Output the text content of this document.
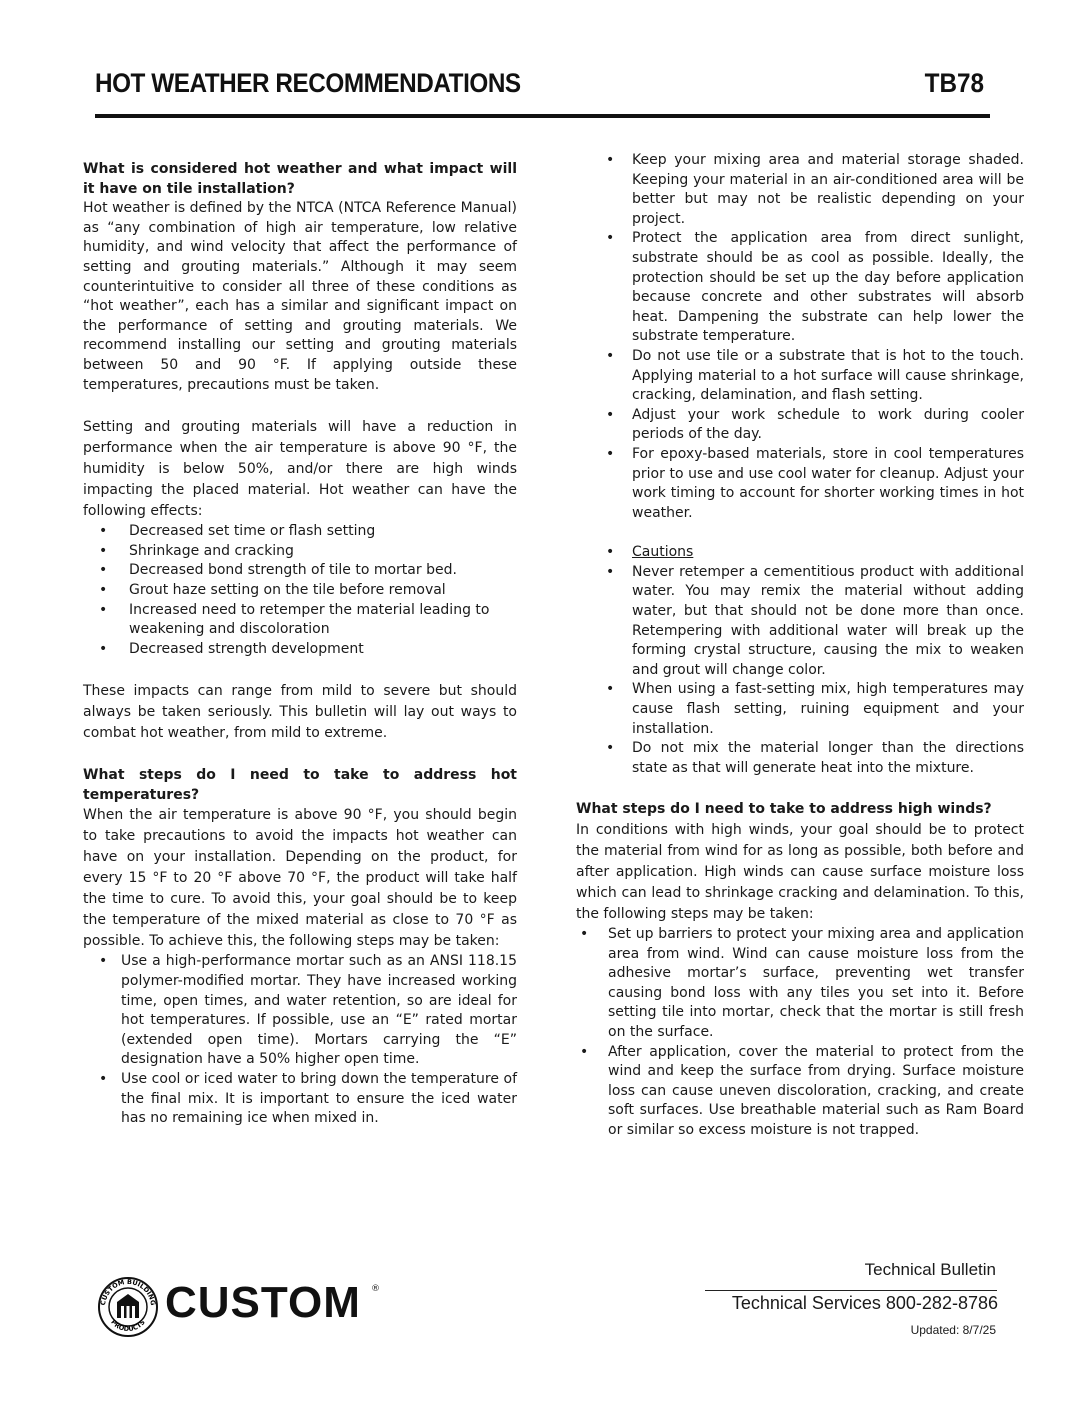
HOT WEATHER RECOMMENDATIONS	TB78

What is considered hot weather and what impact will it have on tile installation?

Hot weather is defined by the NTCA (NTCA Reference Manual) as “any combination of high air temperature, low relative humidity, and wind velocity that affect the performance of setting and grouting materials.” Although it may seem counterintuitive to consider all three of these conditions as “hot weather”, each has a similar and significant impact on the performance of setting and grouting materials. We recommend installing our setting and grouting materials between 50 and 90 °F. If applying outside these temperatures, precautions must be taken.

Setting and grouting materials will have a reduction in performance when the air temperature is above 90 °F, the humidity is below 50%, and/or there are high winds impacting the placed material. Hot weather can have the following effects:

• Decreased set time or flash setting
• Shrinkage and cracking
• Decreased bond strength of tile to mortar bed.
• Grout haze setting on the tile before removal
• Increased need to retemper the material leading to weakening and discoloration
• Decreased strength development

These impacts can range from mild to severe but should always be taken seriously. This bulletin will lay out ways to combat hot weather, from mild to extreme.

What steps do I need to take to address hot temperatures?

When the air temperature is above 90 °F, you should begin to take precautions to avoid the impacts hot weather can have on your installation. Depending on the product, for every 15 °F to 20 °F above 70 °F, the product will take half the time to cure. To avoid this, your goal should be to keep the temperature of the mixed material as close to 70 °F as possible. To achieve this, the following steps may be taken:

• Use a high-performance mortar such as an ANSI 118.15 polymer-modified mortar. They have increased working time, open times, and water retention, so are ideal for hot temperatures. If possible, use an “E” rated mortar (extended open time). Mortars carrying the “E” designation have a 50% higher open time.
• Use cool or iced water to bring down the temperature of the final mix. It is important to ensure the iced water has no remaining ice when mixed in.
• Keep your mixing area and material storage shaded. Keeping your material in an air-conditioned area will be better but may not be realistic depending on your project.
• Protect the application area from direct sunlight, substrate should be as cool as possible. Ideally, the protection should be set up the day before application because concrete and other substrates will absorb heat. Dampening the substrate can help lower the substrate temperature.
• Do not use tile or a substrate that is hot to the touch. Applying material to a hot surface will cause shrinkage, cracking, delamination, and flash setting.
• Adjust your work schedule to work during cooler periods of the day.
• For epoxy-based materials, store in cool temperatures prior to use and use cool water for cleanup. Adjust your work timing to account for shorter working times in hot weather.
• Cautions
• Never retemper a cementitious product with additional water. You may remix the material without adding water, but that should not be done more than once. Retempering with additional water will break up the forming crystal structure, causing the mix to weaken and grout will change color.
• When using a fast-setting mix, high temperatures may cause flash setting, ruining equipment and your installation.
• Do not mix the material longer than the directions state as that will generate heat into the mixture.

What steps do I need to take to address high winds?

In conditions with high winds, your goal should be to protect the material from wind for as long as possible, both before and after application. High winds can cause surface moisture loss which can lead to shrinkage cracking and delamination. To this, the following steps may be taken:

• Set up barriers to protect your mixing area and application area from wind. Wind can cause moisture loss from the adhesive mortar’s surface, preventing wet transfer causing bond loss with any tiles you set into it. Before setting tile into mortar, check that the mortar is still fresh on the surface.
• After application, cover the material to protect from the wind and keep the surface from drying. Surface moisture loss can cause uneven discoloration, cracking, and create soft surfaces. Use breathable material such as Ram Board or similar so excess moisture is not trapped.
CUSTOM BUILDING
PRODUCTS CUSTOM ®
Technical Bulletin
Technical Services 800-282-8786
Updated: 8/7/25
